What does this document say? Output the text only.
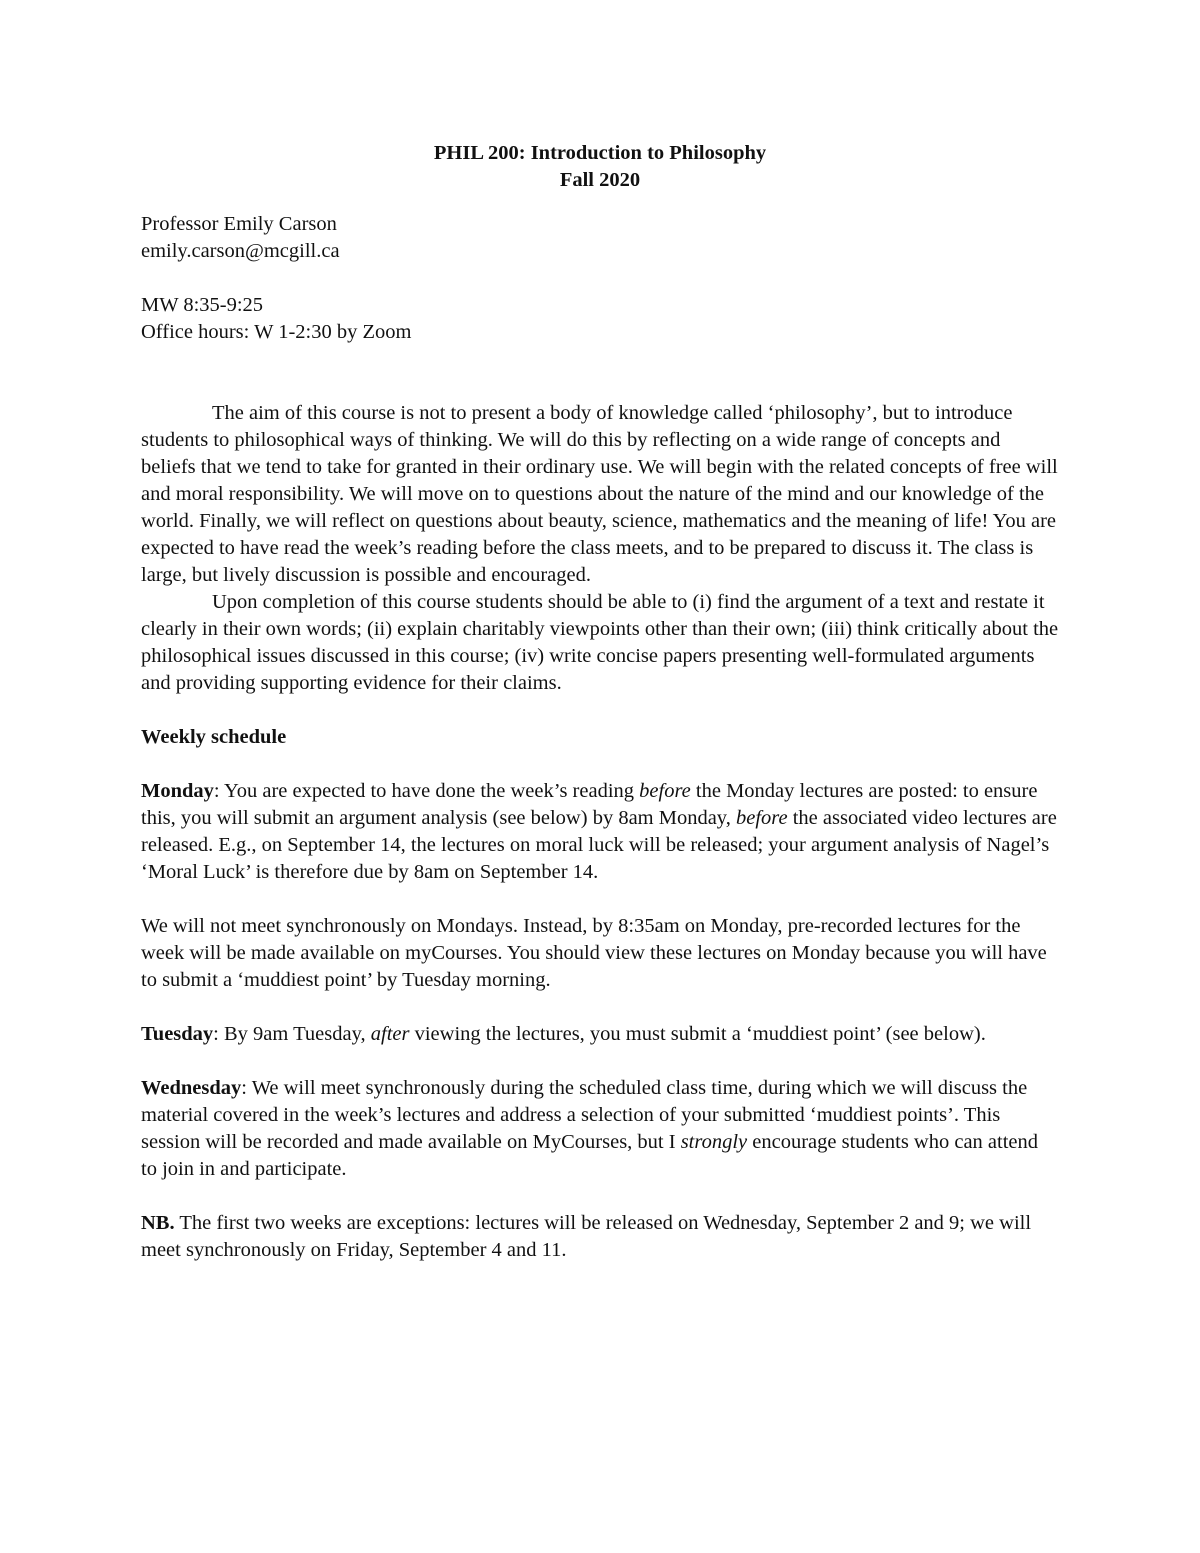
PHIL 200: Introduction to Philosophy
Fall 2020
Professor Emily Carson
emily.carson@mcgill.ca
MW 8:35-9:25
Office hours: W 1-2:30 by Zoom

The aim of this course is not to present a body of knowledge called ‘philosophy’, but to introduce students to philosophical ways of thinking. We will do this by reflecting on a wide range of concepts and beliefs that we tend to take for granted in their ordinary use. We will begin with the related concepts of free will and moral responsibility. We will move on to questions about the nature of the mind and our knowledge of the world. Finally, we will reflect on questions about beauty, science, mathematics and the meaning of life! You are expected to have read the week’s reading before the class meets, and to be prepared to discuss it. The class is large, but lively discussion is possible and encouraged.

Upon completion of this course students should be able to (i) find the argument of a text and restate it clearly in their own words; (ii) explain charitably viewpoints other than their own; (iii) think critically about the philosophical issues discussed in this course; (iv) write concise papers presenting well-formulated arguments and providing supporting evidence for their claims.

Weekly schedule

Monday: You are expected to have done the week’s reading before the Monday lectures are posted: to ensure this, you will submit an argument analysis (see below) by 8am Monday, before the associated video lectures are released. E.g., on September 14, the lectures on moral luck will be released; your argument analysis of Nagel’s ‘Moral Luck’ is therefore due by 8am on September 14.

We will not meet synchronously on Mondays. Instead, by 8:35am on Monday, pre-recorded lectures for the week will be made available on myCourses. You should view these lectures on Monday because you will have to submit a ‘muddiest point’ by Tuesday morning.

Tuesday: By 9am Tuesday, after viewing the lectures, you must submit a ‘muddiest point’ (see below).

Wednesday: We will meet synchronously during the scheduled class time, during which we will discuss the material covered in the week’s lectures and address a selection of your submitted ‘muddiest points’. This session will be recorded and made available on MyCourses, but I strongly encourage students who can attend to join in and participate.

NB. The first two weeks are exceptions: lectures will be released on Wednesday, September 2 and 9; we will meet synchronously on Friday, September 4 and 11.
